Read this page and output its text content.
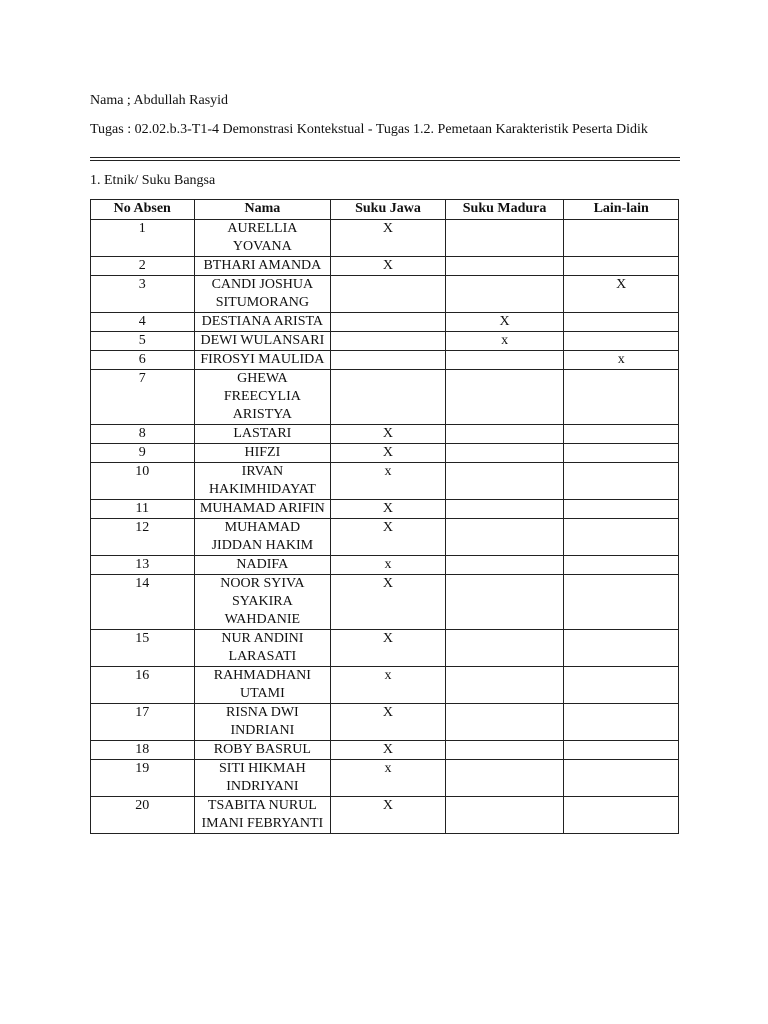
Nama ; Abdullah Rasyid
Tugas : 02.02.b.3-T1-4 Demonstrasi Kontekstual - Tugas 1.2. Pemetaan Karakteristik Peserta Didik
1. Etnik/ Suku Bangsa
No Absen	Nama	Suku Jawa	Suku Madura	Lain-lain
1	AURELLIA YOVANA	X		
2	BTHARI AMANDA	X		
3	CANDI JOSHUA SITUMORANG			X
4	DESTIANA ARISTA		X	
5	DEWI WULANSARI		x	
6	FIROSYI MAULIDA			x
7	GHEWA FREECYLIA ARISTYA			
8	LASTARI	X		
9	HIFZI	X		
10	IRVAN HAKIMHIDAYAT	x		
11	MUHAMAD ARIFIN	X		
12	MUHAMAD JIDDAN HAKIM	X		
13	NADIFA	x		
14	NOOR SYIVA SYAKIRA WAHDANIE	X		
15	NUR ANDINI LARASATI	X		
16	RAHMADHANI UTAMI	x		
17	RISNA DWI INDRIANI	X		
18	ROBY BASRUL	X		
19	SITI HIKMAH INDRIYANI	x		
20	TSABITA NURUL IMANI FEBRYANTI	X		
